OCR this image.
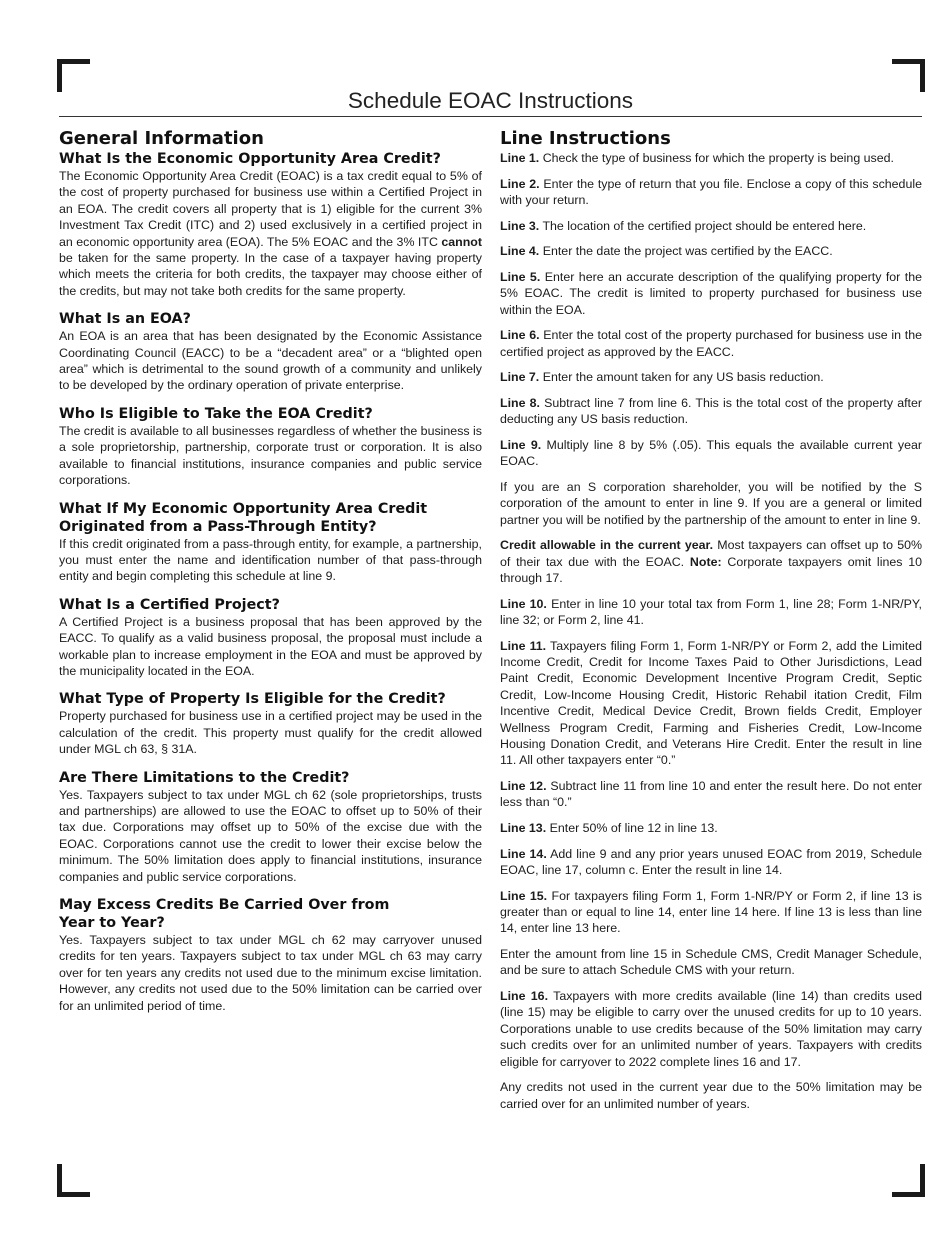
Schedule EOAC Instructions
General Information
What Is the Economic Opportunity Area Credit?

The Economic Opportunity Area Credit (EOAC) is a tax credit equal to 5% of the cost of property purchased for business use within a Certified Project in an EOA. The credit covers all property that is 1) eligible for the current 3% Investment Tax Credit (ITC) and 2) used exclusively in a certified project in an economic opportunity area (EOA). The 5% EOAC and the 3% ITC cannot be taken for the same property. In the case of a taxpayer having property which meets the criteria for both credits, the taxpayer may choose either of the credits, but may not take both credits for the same property.

What Is an EOA?

An EOA is an area that has been designated by the Economic Assistance Coordinating Council (EACC) to be a “decadent area” or a “blighted open area” which is detrimental to the sound growth of a community and unlikely to be developed by the ordinary operation of private enterprise.

Who Is Eligible to Take the EOA Credit?

The credit is available to all businesses regardless of whether the business is a sole proprietorship, partnership, corporate trust or corporation. It is also available to financial institutions, insurance companies and public service corporations.

What If My Economic Opportunity Area Credit
Originated from a Pass-Through Entity?

If this credit originated from a pass-through entity, for example, a partnership, you must enter the name and identification number of that pass-through entity and begin completing this schedule at line 9.

What Is a Certified Project?

A Certified Project is a business proposal that has been approved by the EACC. To qualify as a valid business proposal, the proposal must include a workable plan to increase employment in the EOA and must be approved by the municipality located in the EOA.

What Type of Property Is Eligible for the Credit?

Property purchased for business use in a certified project may be used in the calculation of the credit. This property must qualify for the credit allowed under MGL ch 63, § 31A.

Are There Limitations to the Credit?

Yes. Taxpayers subject to tax under MGL ch 62 (sole proprietorships, trusts and partnerships) are allowed to use the EOAC to offset up to 50% of their tax due. Corporations may offset up to 50% of the excise due with the EOAC. Corporations cannot use the credit to lower their excise below the minimum. The 50% limitation does apply to financial institutions, insurance companies and public service corporations.

May Excess Credits Be Carried Over from
Year to Year?

Yes. Taxpayers subject to tax under MGL ch 62 may carryover unused credits for ten years. Taxpayers subject to tax under MGL ch 63 may carry over for ten years any credits not used due to the minimum excise limitation. However, any credits not used due to the 50% limitation can be carried over for an unlimited period of time.

Line Instructions

Line 1. Check the type of business for which the property is being used.

Line 2. Enter the type of return that you file. Enclose a copy of this schedule with your return.

Line 3. The location of the certified project should be entered here.

Line 4. Enter the date the project was certified by the EACC.

Line 5. Enter here an accurate description of the qualifying property for the 5% EOAC. The credit is limited to property purchased for business use within the EOA.

Line 6. Enter the total cost of the property purchased for business use in the certified project as approved by the EACC.

Line 7. Enter the amount taken for any US basis reduction.

Line 8. Subtract line 7 from line 6. This is the total cost of the property after deducting any US basis reduction.

Line 9. Multiply line 8 by 5% (.05). This equals the available current year EOAC.

If you are an S corporation shareholder, you will be notified by the S corporation of the amount to enter in line 9. If you are a general or limited partner you will be notified by the partnership of the amount to enter in line 9.

Credit allowable in the current year. Most taxpayers can offset up to 50% of their tax due with the EOAC. Note: Corporate taxpayers omit lines 10 through 17.

Line 10. Enter in line 10 your total tax from Form 1, line 28; Form 1-NR/PY, line 32; or Form 2, line 41.

Line 11. Taxpayers filing Form 1, Form 1-NR/PY or Form 2, add the Limited Income Credit, Credit for Income Taxes Paid to Other Jurisdictions, Lead Paint Credit, Economic Development Incentive Program Credit, Septic Credit, Low-Income Housing Credit, Historic Rehabil itation Credit, Film Incentive Credit, Medical Device Credit, Brown fields Credit, Employer Wellness Program Credit, Farming and Fisheries Credit, Low-Income Housing Donation Credit, and Veterans Hire Credit. Enter the result in line 11. All other taxpayers enter “0.”

Line 12. Subtract line 11 from line 10 and enter the result here. Do not enter less than “0.”

Line 13. Enter 50% of line 12 in line 13.

Line 14. Add line 9 and any prior years unused EOAC from 2019, Schedule EOAC, line 17, column c. Enter the result in line 14.

Line 15. For taxpayers filing Form 1, Form 1-NR/PY or Form 2, if line 13 is greater than or equal to line 14, enter line 14 here. If line 13 is less than line 14, enter line 13 here.

Enter the amount from line 15 in Schedule CMS, Credit Manager Schedule, and be sure to attach Schedule CMS with your return.

Line 16. Taxpayers with more credits available (line 14) than credits used (line 15) may be eligible to carry over the unused credits for up to 10 years. Corporations unable to use credits because of the 50% limitation may carry such credits over for an unlimited number of years. Taxpayers with credits eligible for carryover to 2022 complete lines 16 and 17.

Any credits not used in the current year due to the 50% limitation may be carried over for an unlimited number of years.
